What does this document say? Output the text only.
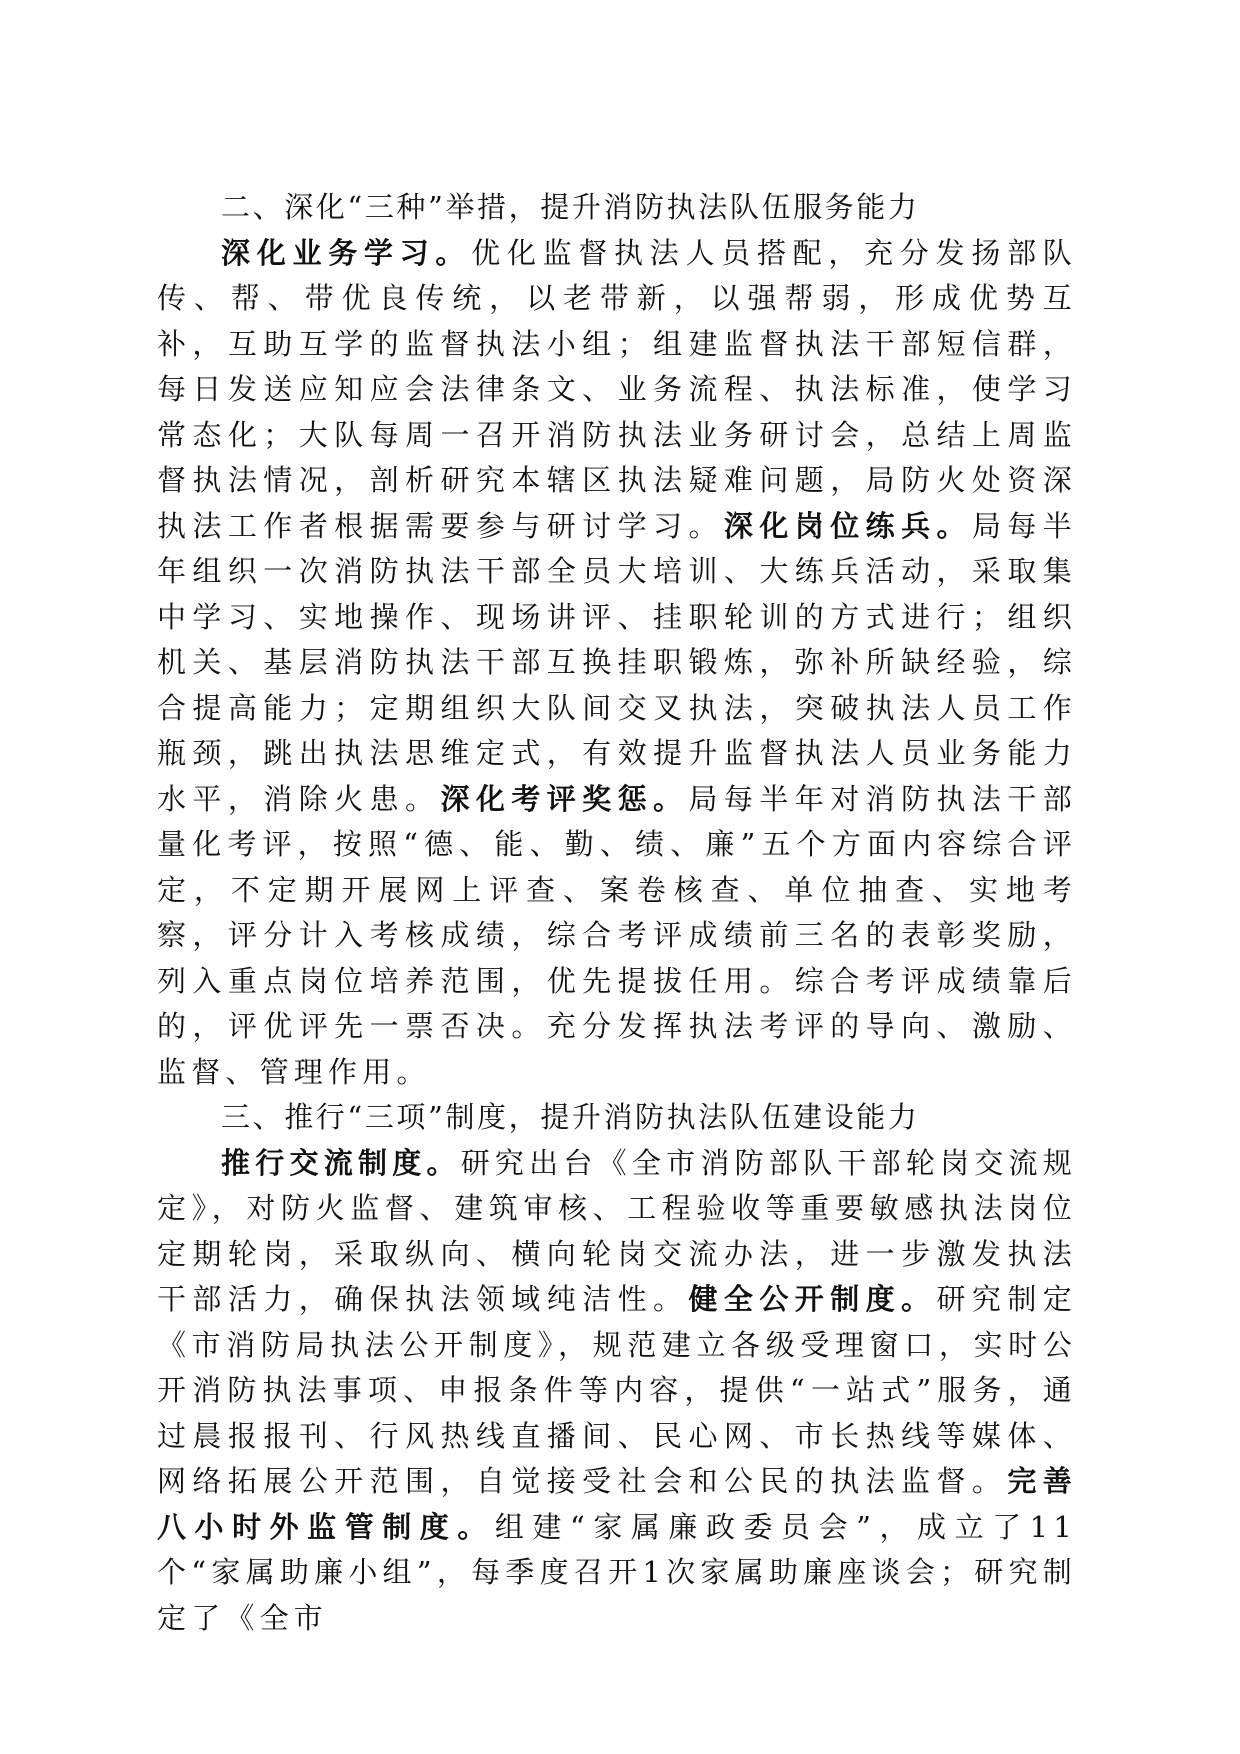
二、深化“三种”举措，提升消防执法队伍服务能力

深化业务学习。优化监督执法人员搭配，充分发扬部队传、帮、带优良传统，以老带新，以强帮弱，形成优势互补，互助互学的监督执法小组；组建监督执法干部短信群，每日发送应知应会法律条文、业务流程、执法标准，使学习常态化；大队每周一召开消防执法业务研讨会，总结上周监督执法情况，剖析研究本辖区执法疑难问题，局防火处资深执法工作者根据需要参与研讨学习。深化岗位练兵。局每半年组织一次消防执法干部全员大培训、大练兵活动，采取集中学习、实地操作、现场讲评、挂职轮训的方式进行；组织机关、基层消防执法干部互换挂职锻炼，弥补所缺经验，综合提高能力；定期组织大队间交叉执法，突破执法人员工作瓶颈，跳出执法思维定式，有效提升监督执法人员业务能力水平，消除火患。深化考评奖惩。局每半年对消防执法干部量化考评，按照“德、能、勤、绩、廉”五个方面内容综合评定，不定期开展网上评查、案卷核查、单位抽查、实地考察，评分计入考核成绩，综合考评成绩前三名的表彰奖励，列入重点岗位培养范围，优先提拔任用。综合考评成绩靠后的，评优评先一票否决。充分发挥执法考评的导向、激励、监督、管理作用。

三、推行“三项”制度，提升消防执法队伍建设能力

推行交流制度。研究出台《全市消防部队干部轮岗交流规定》，对防火监督、建筑审核、工程验收等重要敏感执法岗位定期轮岗，采取纵向、横向轮岗交流办法，进一步激发执法干部活力，确保执法领域纯洁性。健全公开制度。研究制定《市消防局执法公开制度》，规范建立各级受理窗口，实时公开消防执法事项、申报条件等内容，提供“一站式”服务，通过晨报报刊、行风热线直播间、民心网、市长热线等媒体、网络拓展公开范围，自觉接受社会和公民的执法监督。完善八小时外监管制度。组建“家属廉政委员会”，成立了11个“家属助廉小组”，每季度召开1次家属助廉座谈会；研究制定了《全市
